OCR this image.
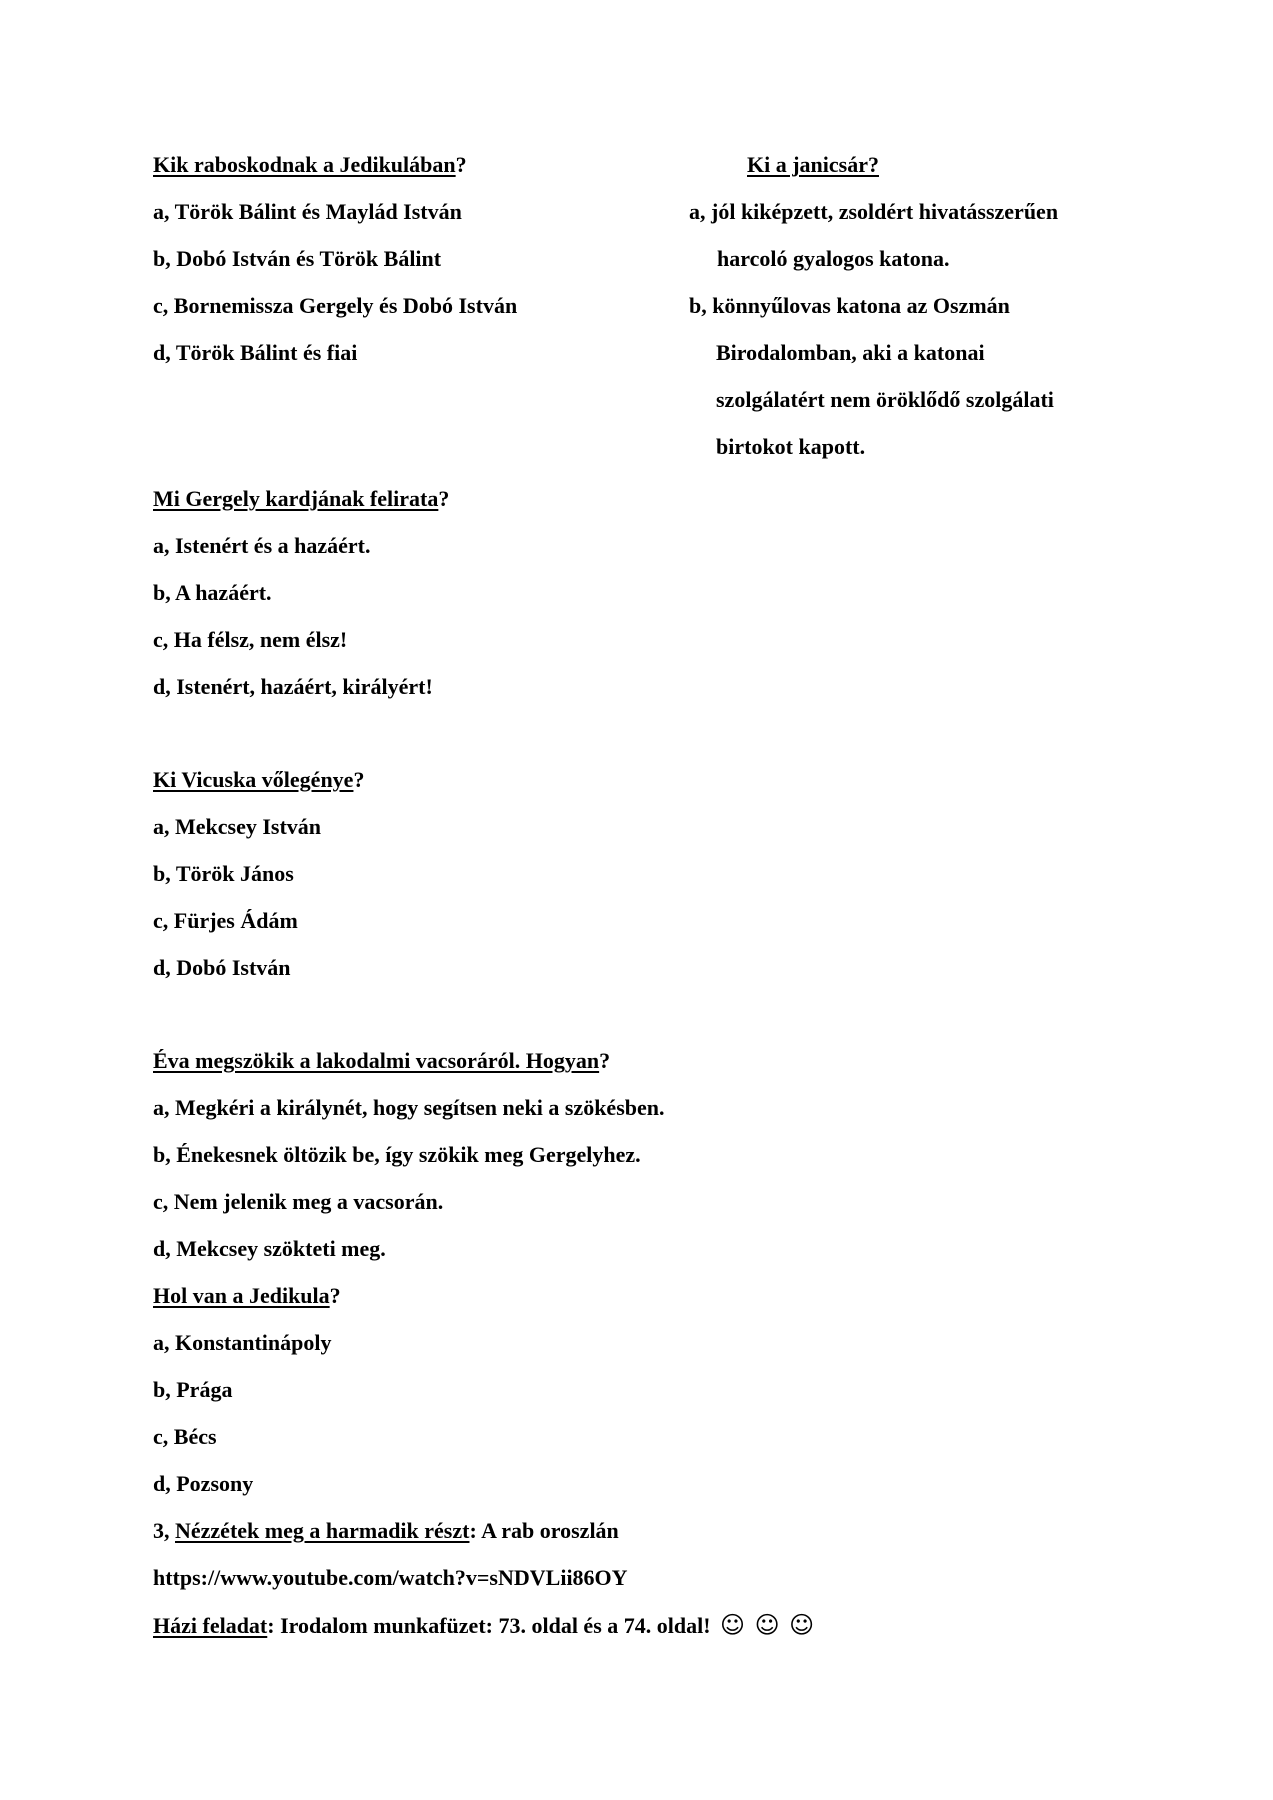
Kik raboskodnak a Jedikulában?
a, Török Bálint és Maylád István
b, Dobó István és Török Bálint
c, Bornemissza Gergely és Dobó István
d, Török Bálint és fiai
Ki a janicsár?
a, jól kiképzett, zsoldért hivatásszerűen
harcoló gyalogos katona.
b, könnyűlovas katona az Oszmán
Birodalomban, aki a katonai
szolgálatért nem öröklődő szolgálati
birtokot kapott.
Mi Gergely kardjának felirata?
a, Istenért és a hazáért.
b, A hazáért.
c, Ha félsz, nem élsz!
d, Istenért, hazáért, királyért!
Ki Vicuska vőlegénye?
a, Mekcsey István
b, Török János
c, Fürjes Ádám
d, Dobó István
Éva megszökik a lakodalmi vacsoráról. Hogyan?
a, Megkéri a királynét, hogy segítsen neki a szökésben.
b, Énekesnek öltözik be, így szökik meg Gergelyhez.
c, Nem jelenik meg a vacsorán.
d, Mekcsey szökteti meg.
Hol van a Jedikula?
a, Konstantinápoly
b, Prága
c, Bécs
d, Pozsony
3, Nézzétek meg a harmadik részt: A rab oroszlán
https://www.youtube.com/watch?v=sNDVLii86OY
Házi feladat: Irodalom munkafüzet: 73. oldal és a 74. oldal! ☺ ☺ ☺
